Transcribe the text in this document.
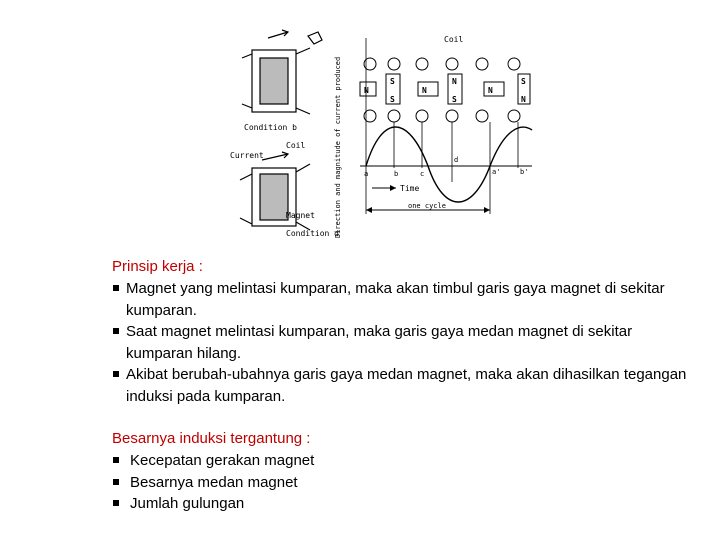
Condition b
Current
Coil
Magnet
Condition d
Direction and magnitude of current produced
Coil
N
S
S
N
N
S
N
S
N
a	b	c
d
a'	b'
Time
one cycle
Prinsip kerja :
Magnet yang melintasi kumparan, maka akan timbul garis gaya magnet di sekitar kumparan.
Saat magnet melintasi kumparan, maka garis gaya medan magnet di sekitar kumparan hilang.
Akibat berubah-ubahnya garis gaya medan magnet, maka akan dihasilkan tegangan induksi pada kumparan.
Besarnya induksi tergantung :
Kecepatan gerakan magnet
Besarnya medan magnet
Jumlah gulungan
